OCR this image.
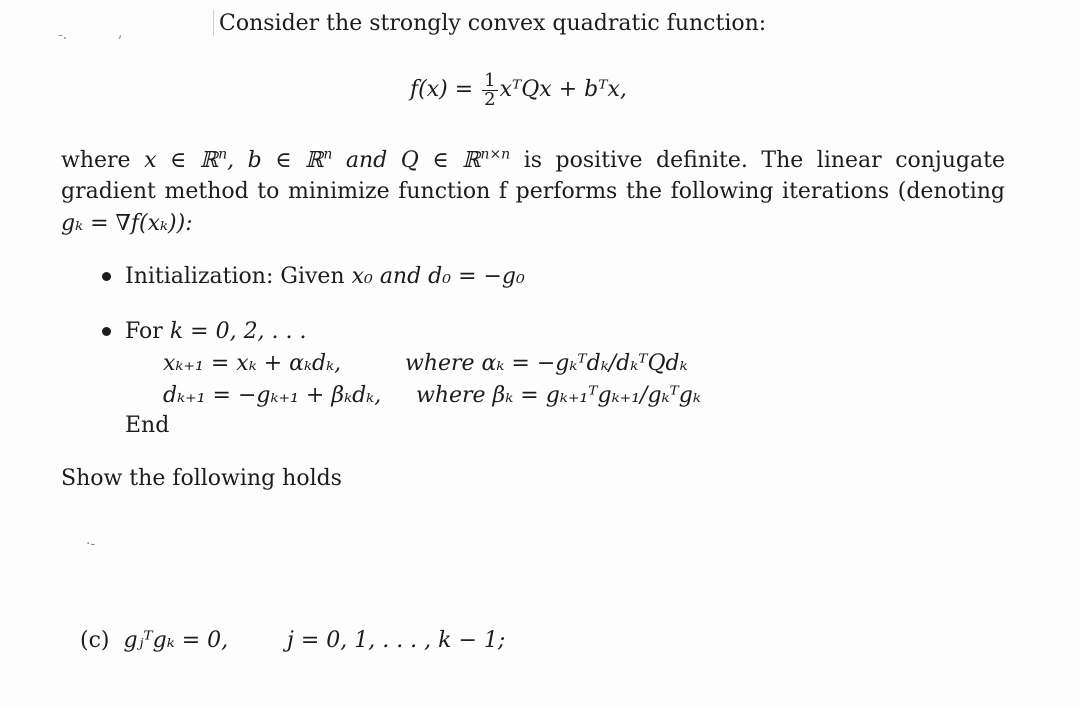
-.	,	Consider the strongly convex quadratic function:
$f(x) = \frac{1}{2}$ xᵀQx + bᵀx,
where x ∈ ℝ$^n$, b ∈ ℝ$^n$ and Q ∈ ℝ$^{n\times n}$ is positive definite. The linear conjugate
gradient method to minimize function f performs the following iterations (denoting
gₖ = ∇f(xₖ)):
Initialization: Given x₀ and d₀ = −g₀
For k = 0, 2, . . .
xₖ₊₁ = xₖ + αₖdₖ,	where αₖ = −gₖᵀdₖ/dₖᵀQdₖ
dₖ₊₁ = −gₖ₊₁ + βₖdₖ, where βₖ = gₖ₊₁ᵀgₖ₊₁/gₖᵀgₖ
End
Show the following holds
·-
(c) gⱼᵀgₖ = 0,	j = 0, 1, . . . , k − 1;
